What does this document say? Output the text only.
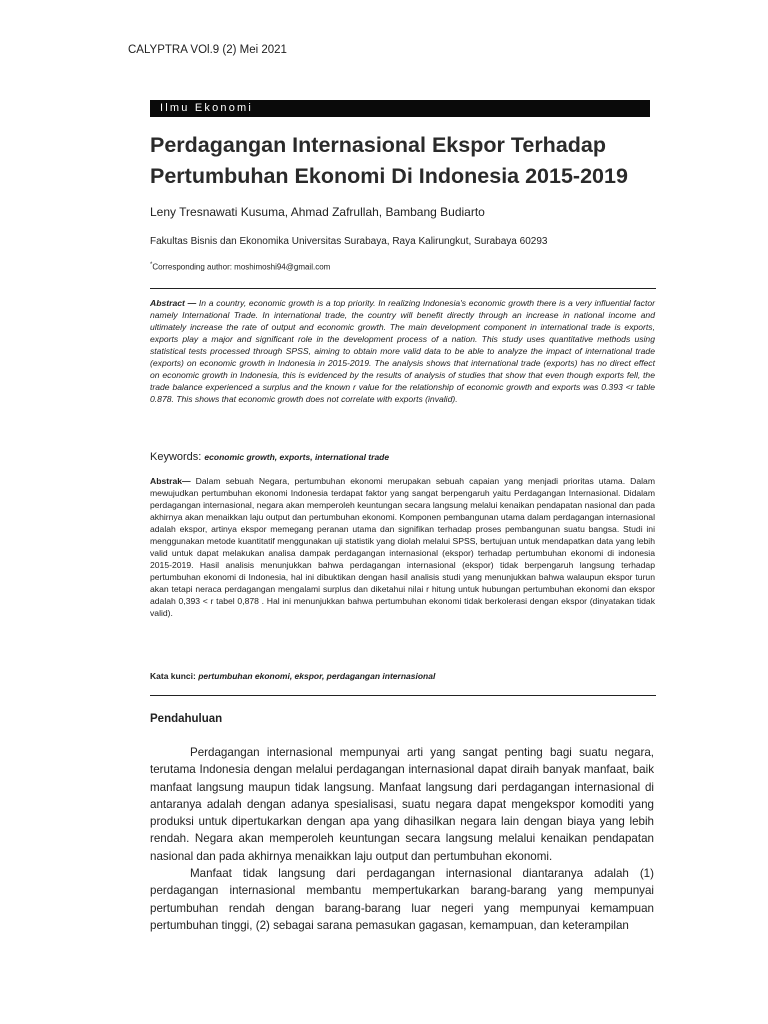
CALYPTRA VOl.9 (2) Mei 2021
Ilmu Ekonomi
Perdagangan Internasional Ekspor Terhadap Pertumbuhan Ekonomi Di Indonesia 2015-2019
Leny Tresnawati Kusuma, Ahmad Zafrullah, Bambang Budiarto
Fakultas Bisnis dan Ekonomika Universitas Surabaya, Raya Kalirungkut, Surabaya 60293
*Corresponding author: moshimoshi94@gmail.com
Abstract — In a country, economic growth is a top priority. In realizing Indonesia's economic growth there is a very influential factor namely International Trade. In international trade, the country will benefit directly through an increase in national income and ultimately increase the rate of output and economic growth. The main development component in international trade is exports, exports play a major and significant role in the development process of a nation. This study uses quantitative methods using statistical tests processed through SPSS, aiming to obtain more valid data to be able to analyze the impact of international trade (exports) on economic growth in Indonesia in 2015-2019. The analysis shows that international trade (exports) has no direct effect on economic growth in Indonesia, this is evidenced by the results of analysis of studies that show that even though exports fell, the trade balance experienced a surplus and the known r value for the relationship of economic growth and exports was 0.393 <r table 0.878. This shows that economic growth does not correlate with exports (invalid).
Keywords: economic growth, exports, international trade
Abstrak— Dalam sebuah Negara, pertumbuhan ekonomi merupakan sebuah capaian yang menjadi prioritas utama. Dalam mewujudkan pertumbuhan ekonomi Indonesia terdapat faktor yang sangat berpengaruh yaitu Perdagangan Internasional. Didalam perdagangan internasional, negara akan memperoleh keuntungan secara langsung melalui kenaikan pendapatan nasional dan pada akhirnya akan menaikkan laju output dan pertumbuhan ekonomi. Komponen pembangunan utama dalam perdagangan internasional adalah ekspor, artinya ekspor memegang peranan utama dan signifikan terhadap proses pembangunan suatu bangsa. Studi ini menggunakan metode kuantitatif menggunakan uji statistik yang diolah melalui SPSS, bertujuan untuk mendapatkan data yang lebih valid untuk dapat melakukan analisa dampak perdagangan internasional (ekspor) terhadap pertumbuhan ekonomi di indonesia 2015-2019. Hasil analisis menunjukkan bahwa perdagangan internasional (ekspor) tidak berpengaruh langsung terhadap pertumbuhan ekonomi di Indonesia, hal ini dibuktikan dengan hasil analisis studi yang menunjukkan bahwa walaupun ekspor turun akan tetapi neraca perdagangan mengalami surplus dan diketahui nilai r hitung untuk hubungan pertumbuhan ekonomi dan ekspor adalah 0,393 < r tabel 0,878 . Hal ini menunjukkan bahwa pertumbuhan ekonomi tidak berkolerasi dengan ekspor (dinyatakan tidak valid).
Kata kunci: pertumbuhan ekonomi, ekspor, perdagangan internasional
Pendahuluan

Perdagangan internasional mempunyai arti yang sangat penting bagi suatu negara, terutama Indonesia dengan melalui perdagangan internasional dapat diraih banyak manfaat, baik manfaat langsung maupun tidak langsung. Manfaat langsung dari perdagangan internasional di antaranya adalah dengan adanya spesialisasi, suatu negara dapat mengekspor komoditi yang produksi untuk dipertukarkan dengan apa yang dihasilkan negara lain dengan biaya yang lebih rendah. Negara akan memperoleh keuntungan secara langsung melalui kenaikan pendapatan nasional dan pada akhirnya menaikkan laju output dan pertumbuhan ekonomi.

Manfaat tidak langsung dari perdagangan internasional diantaranya adalah (1) perdagangan internasional membantu mempertukarkan barang-barang yang mempunyai pertumbuhan rendah dengan barang-barang luar negeri yang mempunyai kemampuan pertumbuhan tinggi, (2) sebagai sarana pemasukan gagasan, kemampuan, dan keterampilan
